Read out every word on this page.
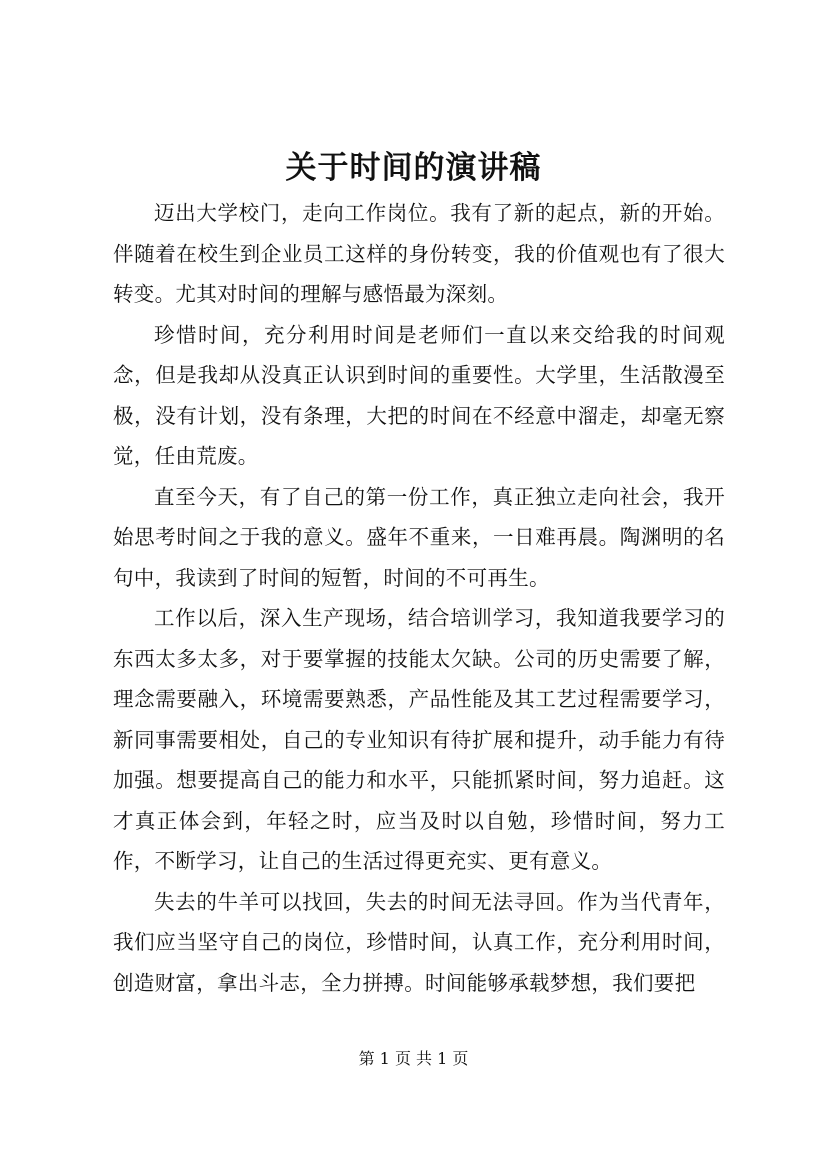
关于时间的演讲稿

迈出大学校门，走向工作岗位。我有了新的起点，新的开始。伴随着在校生到企业员工这样的身份转变，我的价值观也有了很大转变。尤其对时间的理解与感悟最为深刻。

珍惜时间，充分利用时间是老师们一直以来交给我的时间观念，但是我却从没真正认识到时间的重要性。大学里，生活散漫至极，没有计划，没有条理，大把的时间在不经意中溜走，却毫无察觉，任由荒废。

直至今天，有了自己的第一份工作，真正独立走向社会，我开始思考时间之于我的意义。盛年不重来，一日难再晨。陶渊明的名句中，我读到了时间的短暂，时间的不可再生。

工作以后，深入生产现场，结合培训学习，我知道我要学习的东西太多太多，对于要掌握的技能太欠缺。公司的历史需要了解，理念需要融入，环境需要熟悉，产品性能及其工艺过程需要学习，新同事需要相处，自己的专业知识有待扩展和提升，动手能力有待加强。想要提高自己的能力和水平，只能抓紧时间，努力追赶。这才真正体会到，年轻之时，应当及时以自勉，珍惜时间，努力工作，不断学习，让自己的生活过得更充实、更有意义。

失去的牛羊可以找回，失去的时间无法寻回。作为当代青年，我们应当坚守自己的岗位，珍惜时间，认真工作，充分利用时间，创造财富，拿出斗志，全力拼搏。时间能够承载梦想，我们要把

第 1 页 共 1 页
